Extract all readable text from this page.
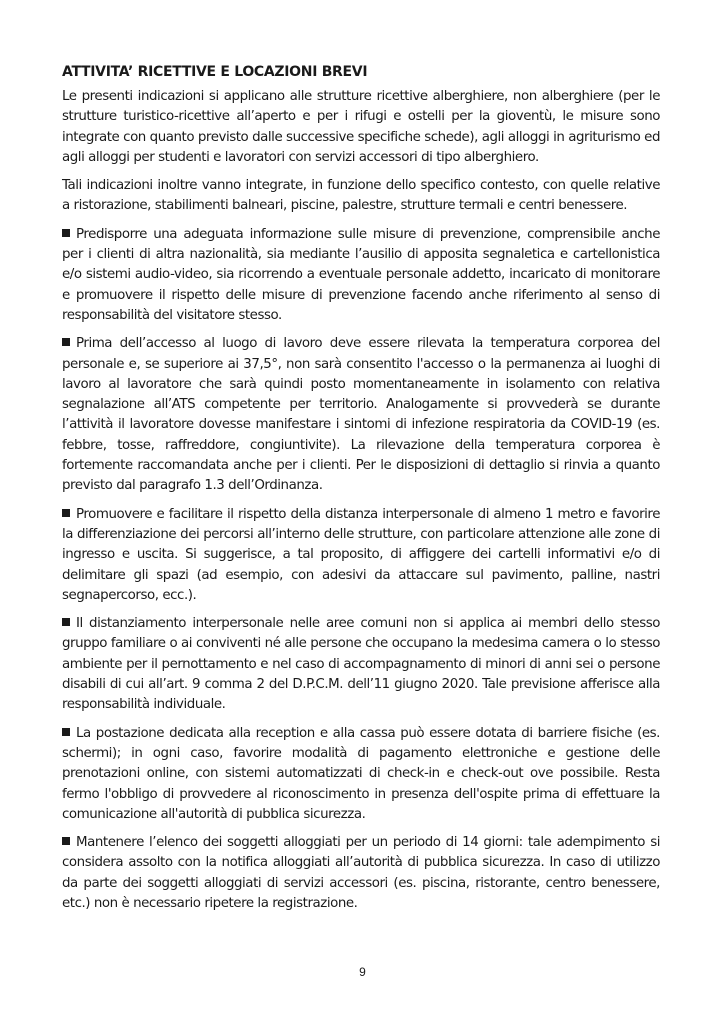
ATTIVITA’ RICETTIVE E LOCAZIONI BREVI

Le presenti indicazioni si applicano alle strutture ricettive alberghiere, non alberghiere (per le strutture turistico-ricettive all’aperto e per i rifugi e ostelli per la gioventù, le misure sono integrate con quanto previsto dalle successive specifiche schede), agli alloggi in agriturismo ed agli alloggi per studenti e lavoratori con servizi accessori di tipo alberghiero.

Tali indicazioni inoltre vanno integrate, in funzione dello specifico contesto, con quelle relative a ristorazione, stabilimenti balneari, piscine, palestre, strutture termali e centri benessere.

Predisporre una adeguata informazione sulle misure di prevenzione, comprensibile anche per i clienti di altra nazionalità, sia mediante l’ausilio di apposita segnaletica e cartellonistica e/o sistemi audio-video, sia ricorrendo a eventuale personale addetto, incaricato di monitorare e promuovere il rispetto delle misure di prevenzione facendo anche riferimento al senso di responsabilità del visitatore stesso.

Prima dell’accesso al luogo di lavoro deve essere rilevata la temperatura corporea del personale e, se superiore ai 37,5°, non sarà consentito l'accesso o la permanenza ai luoghi di lavoro al lavoratore che sarà quindi posto momentaneamente in isolamento con relativa segnalazione all’ATS competente per territorio. Analogamente si provvederà se durante l’attività il lavoratore dovesse manifestare i sintomi di infezione respiratoria da COVID-19 (es. febbre, tosse, raffreddore, congiuntivite). La rilevazione della temperatura corporea è fortemente raccomandata anche per i clienti. Per le disposizioni di dettaglio si rinvia a quanto previsto dal paragrafo 1.3 dell’Ordinanza.

Promuovere e facilitare il rispetto della distanza interpersonale di almeno 1 metro e favorire la differenziazione dei percorsi all’interno delle strutture, con particolare attenzione alle zone di ingresso e uscita. Si suggerisce, a tal proposito, di affiggere dei cartelli informativi e/o di delimitare gli spazi (ad esempio, con adesivi da attaccare sul pavimento, palline, nastri segnapercorso, ecc.).

Il distanziamento interpersonale nelle aree comuni non si applica ai membri dello stesso gruppo familiare o ai conviventi né alle persone che occupano la medesima camera o lo stesso ambiente per il pernottamento e nel caso di accompagnamento di minori di anni sei o persone disabili di cui all’art. 9 comma 2 del D.P.C.M. dell’11 giugno 2020. Tale previsione afferisce alla responsabilità individuale.

La postazione dedicata alla reception e alla cassa può essere dotata di barriere fisiche (es. schermi); in ogni caso, favorire modalità di pagamento elettroniche e gestione delle prenotazioni online, con sistemi automatizzati di check-in e check-out ove possibile. Resta fermo l'obbligo di provvedere al riconoscimento in presenza dell'ospite prima di effettuare la comunicazione all'autorità di pubblica sicurezza.

Mantenere l’elenco dei soggetti alloggiati per un periodo di 14 giorni: tale adempimento si considera assolto con la notifica alloggiati all’autorità di pubblica sicurezza. In caso di utilizzo da parte dei soggetti alloggiati di servizi accessori (es. piscina, ristorante, centro benessere, etc.) non è necessario ripetere la registrazione.

9
